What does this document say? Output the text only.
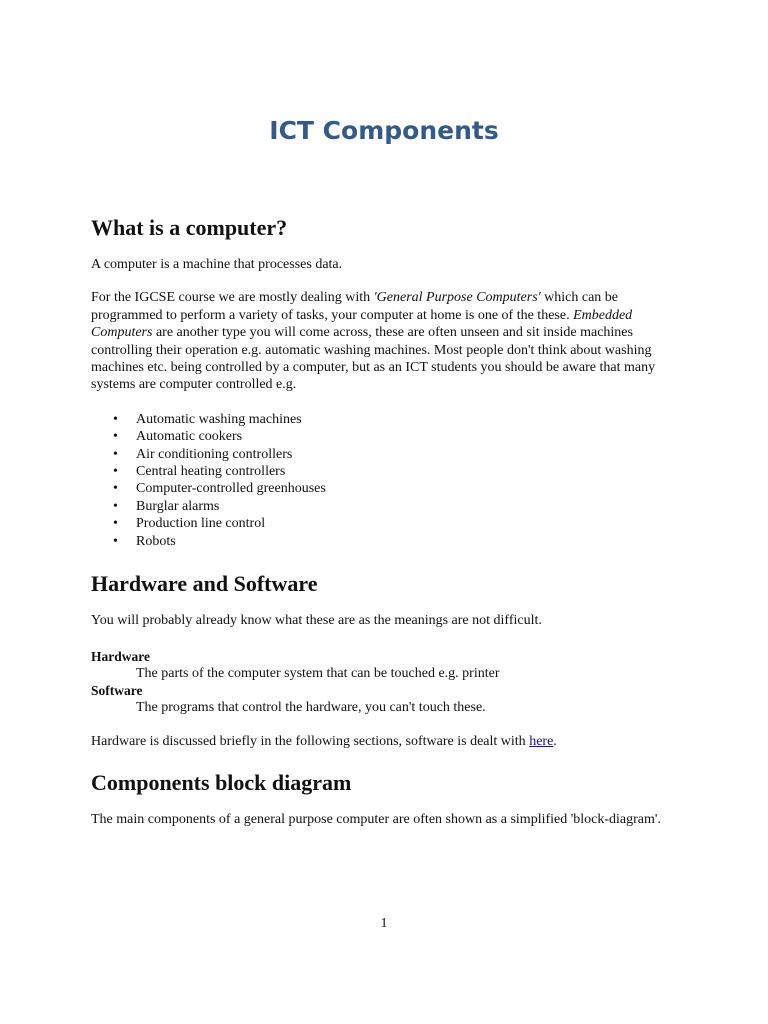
ICT Components
What is a computer?

A computer is a machine that processes data.

For the IGCSE course we are mostly dealing with 'General Purpose Computers' which can be programmed to perform a variety of tasks, your computer at home is one of the these. Embedded Computers are another type you will come across, these are often unseen and sit inside machines controlling their operation e.g. automatic washing machines. Most people don't think about washing machines etc. being controlled by a computer, but as an ICT students you should be aware that many systems are computer controlled e.g.

• Automatic washing machines
• Automatic cookers
• Air conditioning controllers
• Central heating controllers
• Computer-controlled greenhouses
• Burglar alarms
• Production line control
• Robots
Hardware and Software

You will probably already know what these are as the meanings are not difficult.

Hardware
The parts of the computer system that can be touched e.g. printer
Software
The programs that control the hardware, you can't touch these.

Hardware is discussed briefly in the following sections, software is dealt with here.

Components block diagram

The main components of a general purpose computer are often shown as a simplified 'block-diagram'.

1
